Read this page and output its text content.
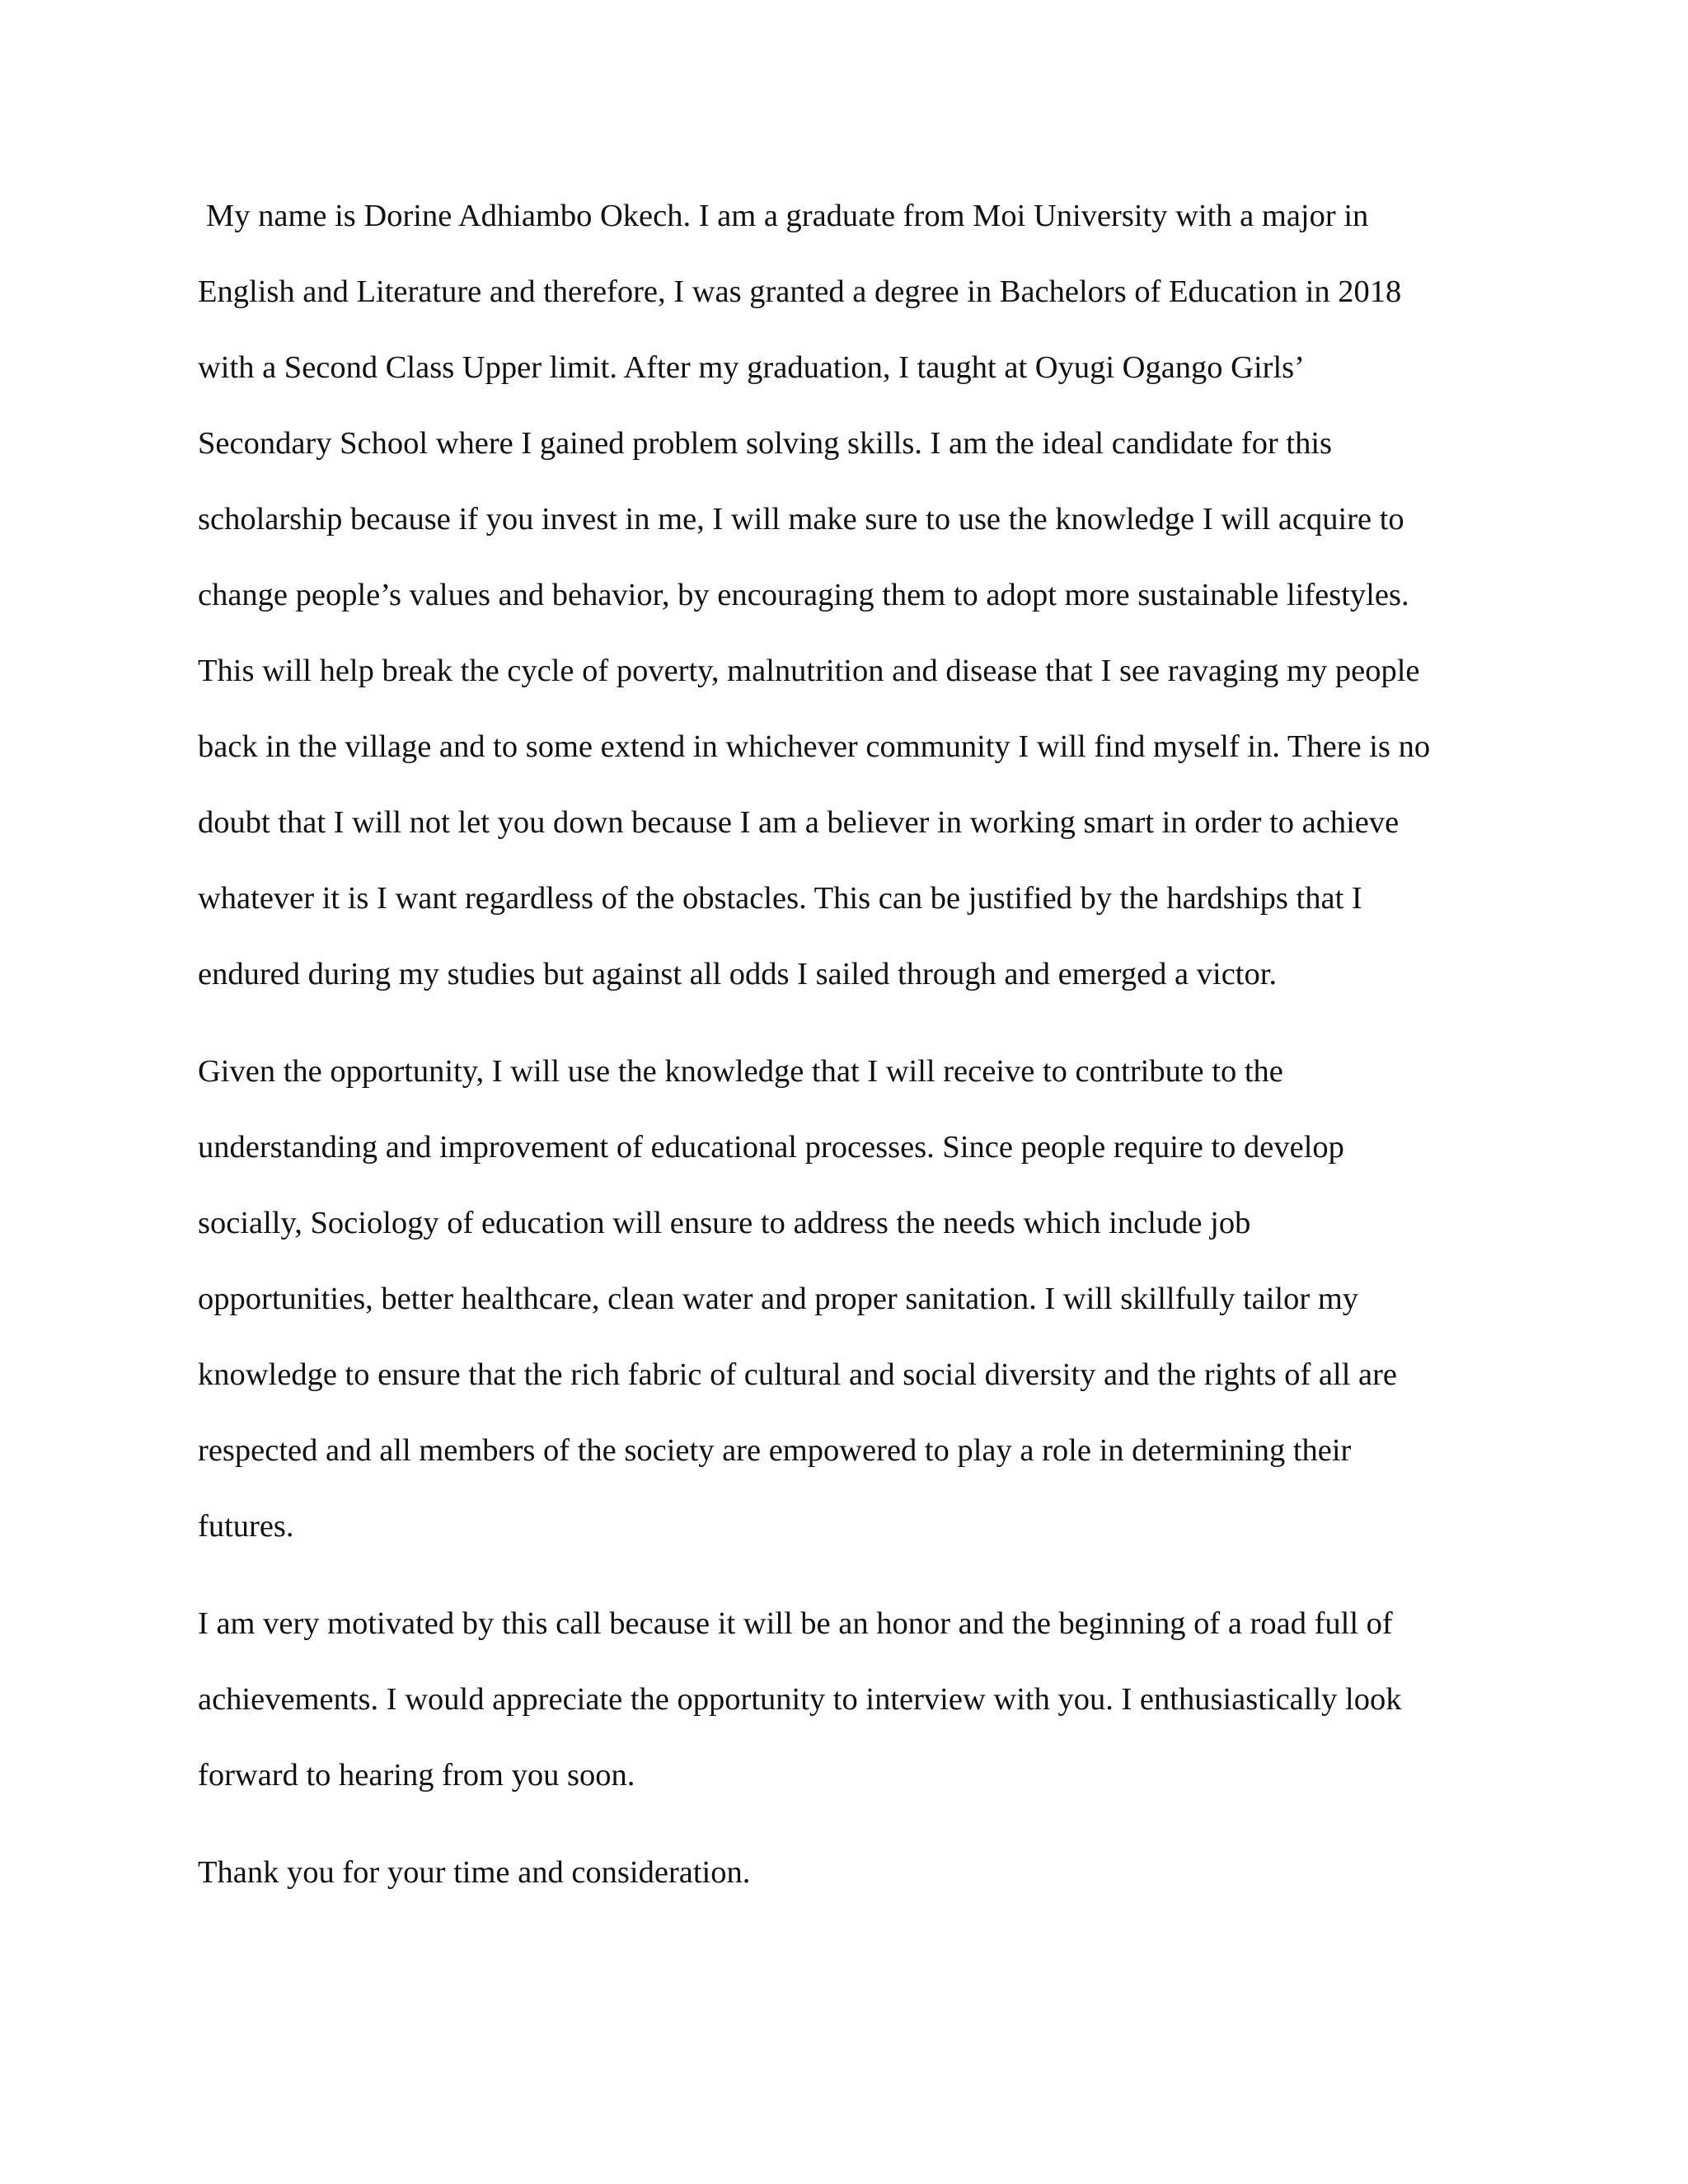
My name is Dorine Adhiambo Okech. I am a graduate from Moi University with a major in
English and Literature and therefore, I was granted a degree in Bachelors of Education in 2018
with a Second Class Upper limit. After my graduation, I taught at Oyugi Ogango Girls’
Secondary School where I gained problem solving skills. I am the ideal candidate for this
scholarship because if you invest in me, I will make sure to use the knowledge I will acquire to
change people’s values and behavior, by encouraging them to adopt more sustainable lifestyles.
This will help break the cycle of poverty, malnutrition and disease that I see ravaging my people
back in the village and to some extend in whichever community I will find myself in. There is no
doubt that I will not let you down because I am a believer in working smart in order to achieve
whatever it is I want regardless of the obstacles. This can be justified by the hardships that I
endured during my studies but against all odds I sailed through and emerged a victor.
Given the opportunity, I will use the knowledge that I will receive to contribute to the
understanding and improvement of educational processes. Since people require to develop
socially, Sociology of education will ensure to address the needs which include job
opportunities, better healthcare, clean water and proper sanitation. I will skillfully tailor my
knowledge to ensure that the rich fabric of cultural and social diversity and the rights of all are
respected and all members of the society are empowered to play a role in determining their
futures.
I am very motivated by this call because it will be an honor and the beginning of a road full of
achievements. I would appreciate the opportunity to interview with you. I enthusiastically look
forward to hearing from you soon.
Thank you for your time and consideration.
